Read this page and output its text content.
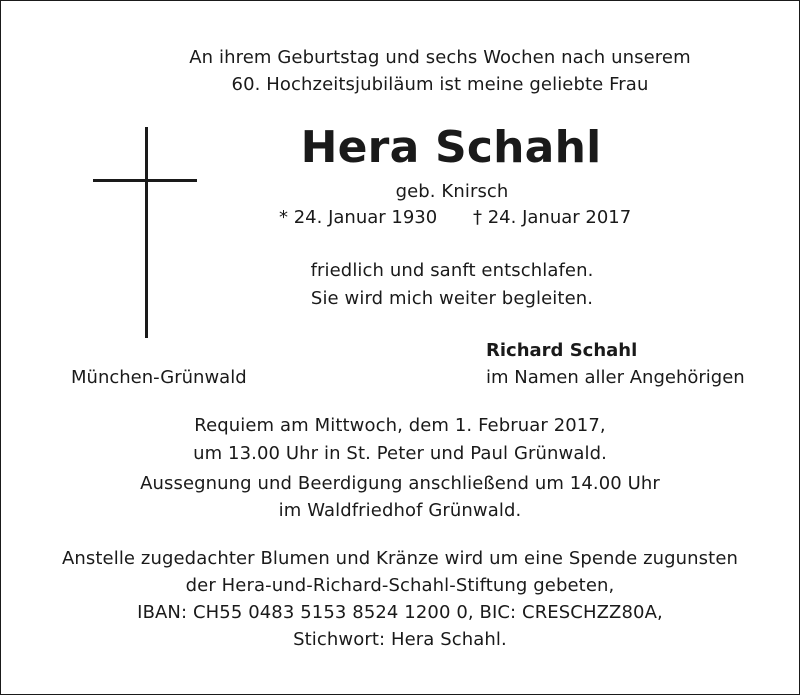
An ihrem Geburtstag und sechs Wochen nach unserem
60. Hochzeitsjubiläum ist meine geliebte Frau
Hera Schahl
geb. Knirsch
* 24. Januar 1930 † 24. Januar 2017
friedlich und sanft entschlafen.
Sie wird mich weiter begleiten.
Richard Schahl
München-Grünwald	im Namen aller Angehörigen
Requiem am Mittwoch, dem 1. Februar 2017,
um 13.00 Uhr in St. Peter und Paul Grünwald.
Aussegnung und Beerdigung anschließend um 14.00 Uhr
im Waldfriedhof Grünwald.
Anstelle zugedachter Blumen und Kränze wird um eine Spende zugunsten
der Hera-und-Richard-Schahl-Stiftung gebeten,
IBAN: CH55 0483 5153 8524 1200 0, BIC: CRESCHZZ80A,
Stichwort: Hera Schahl.
